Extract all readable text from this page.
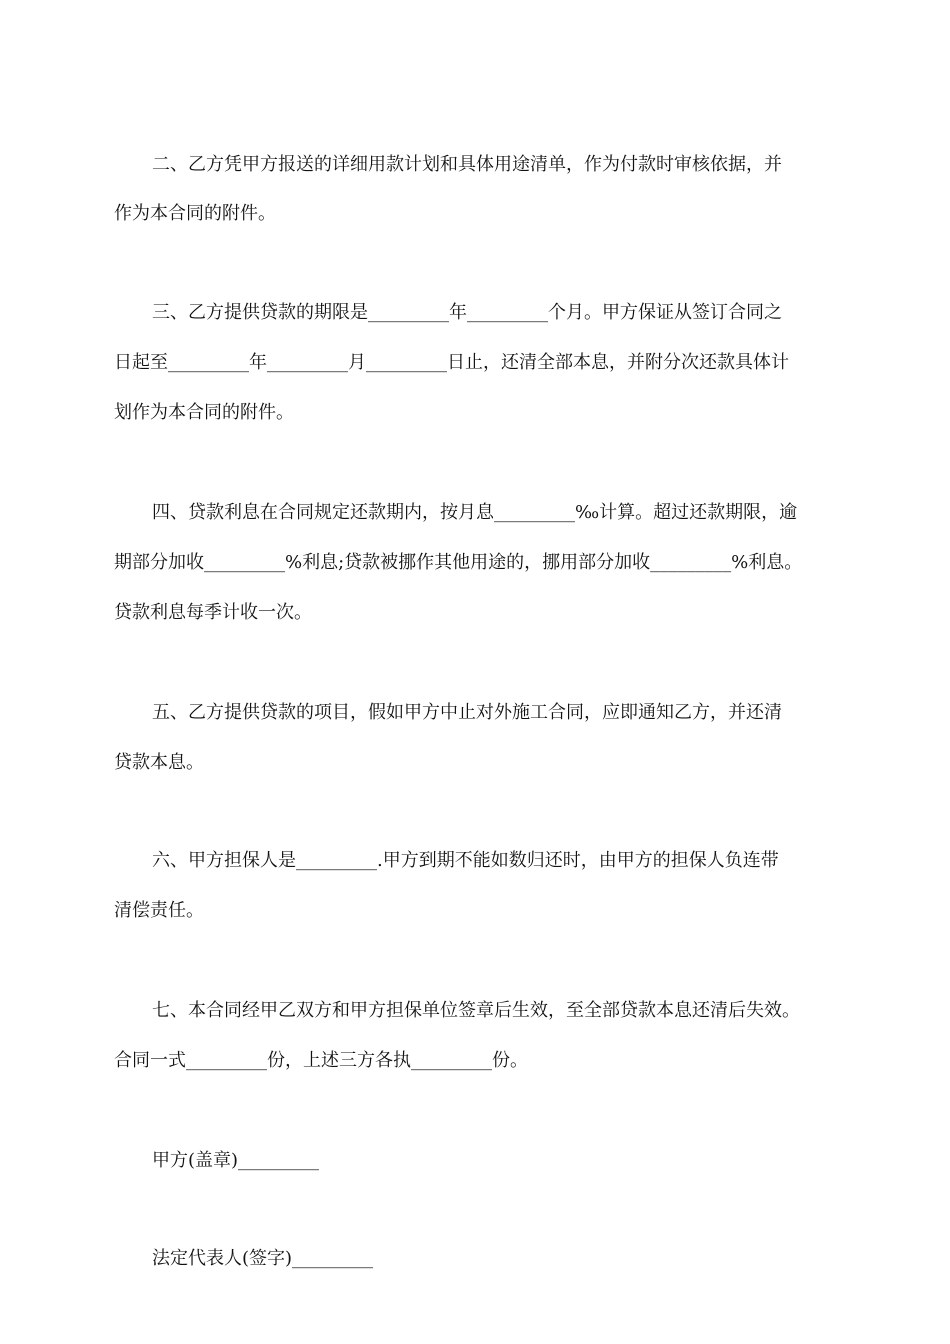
二、乙方凭甲方报送的详细用款计划和具体用途清单，作为付款时审核依据，并
作为本合同的附件。
三、乙方提供贷款的期限是_________年_________个月。甲方保证从签订合同之
日起至_________年_________月_________日止，还清全部本息，并附分次还款具体计
划作为本合同的附件。
四、贷款利息在合同规定还款期内，按月息_________‰计算。超过还款期限，逾
期部分加收_________%利息;贷款被挪作其他用途的，挪用部分加收_________%利息。
贷款利息每季计收一次。
五、乙方提供贷款的项目，假如甲方中止对外施工合同，应即通知乙方，并还清
贷款本息。
六、甲方担保人是_________.甲方到期不能如数归还时，由甲方的担保人负连带
清偿责任。
七、本合同经甲乙双方和甲方担保单位签章后生效，至全部贷款本息还清后失效。
合同一式_________份，上述三方各执_________份。
甲方(盖章)_________
法定代表人(签字)_________
